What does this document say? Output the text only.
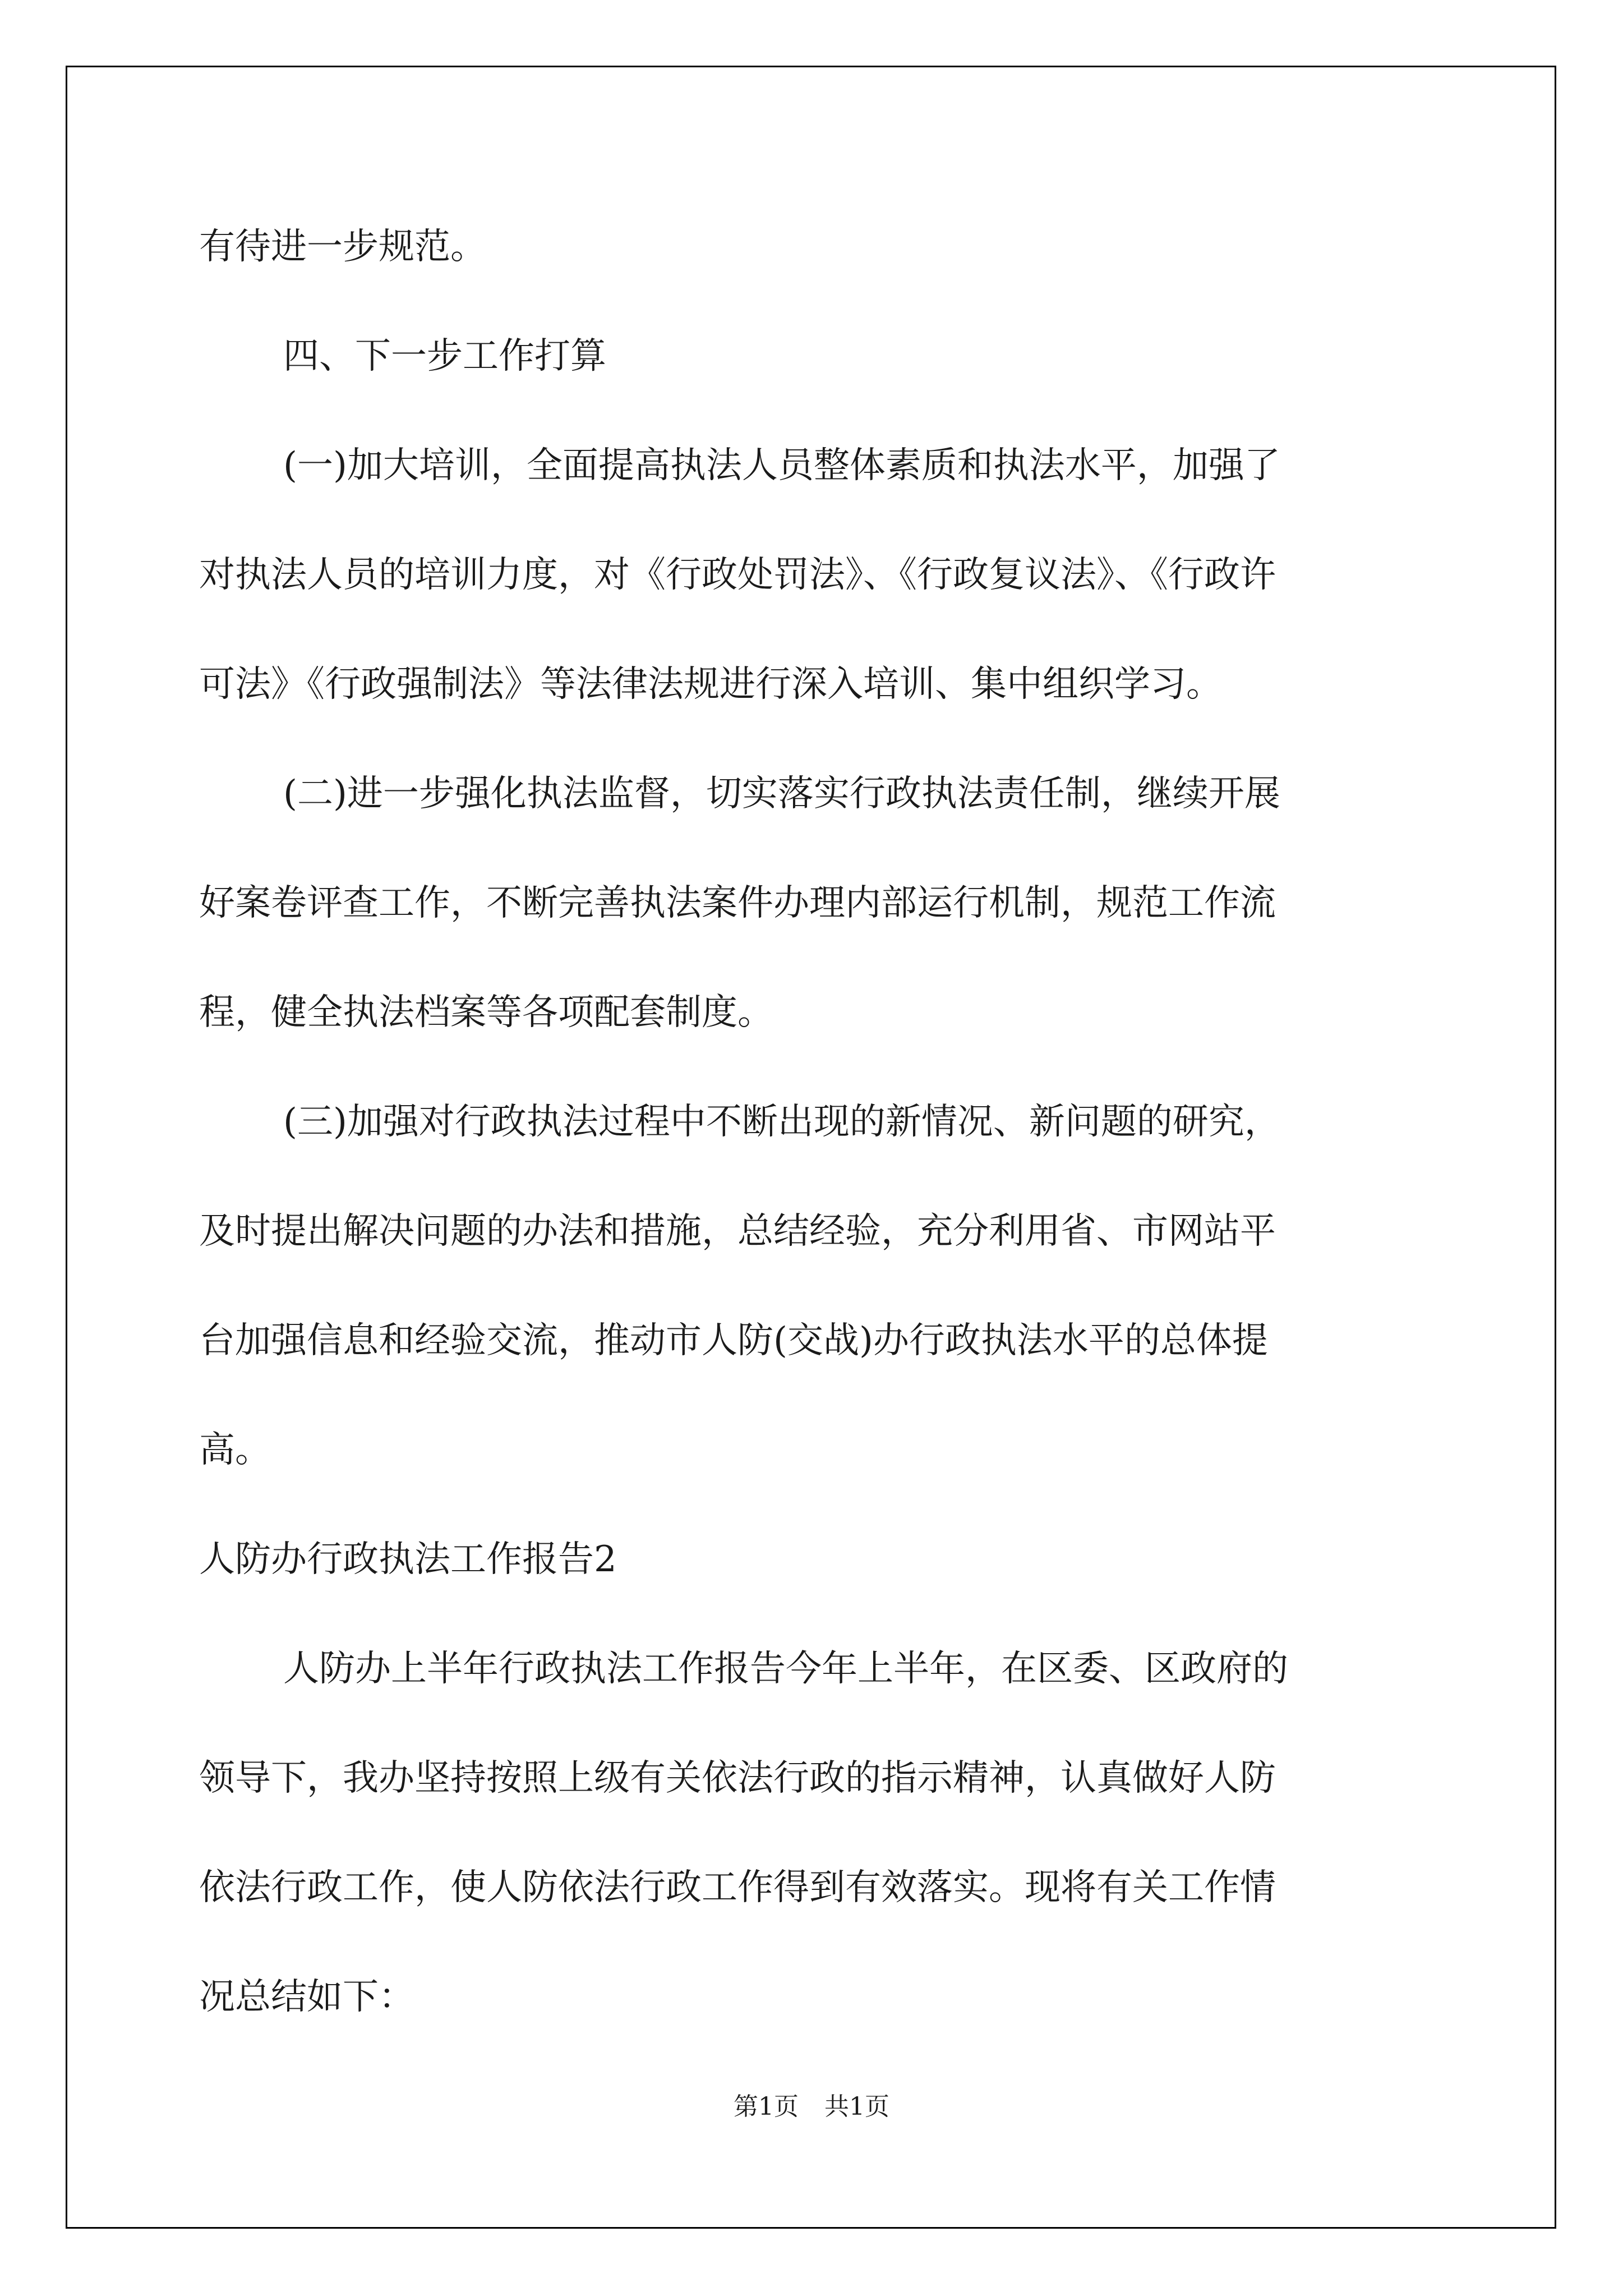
有待进一步规范。

四、下一步工作打算

(一)加大培训，全面提高执法人员整体素质和执法水平，加强了

对执法人员的培训力度，对《行政处罚法》、《行政复议法》、《行政许

可法》《行政强制法》等法律法规进行深入培训、集中组织学习。

(二)进一步强化执法监督，切实落实行政执法责任制，继续开展

好案卷评查工作，不断完善执法案件办理内部运行机制，规范工作流

程，健全执法档案等各项配套制度。

(三)加强对行政执法过程中不断出现的新情况、新问题的研究，

及时提出解决问题的办法和措施，总结经验，充分利用省、市网站平

台加强信息和经验交流，推动市人防(交战)办行政执法水平的总体提

高。

人防办行政执法工作报告2

人防办上半年行政执法工作报告今年上半年，在区委、区政府的

领导下，我办坚持按照上级有关依法行政的指示精神，认真做好人防

依法行政工作，使人防依法行政工作得到有效落实。现将有关工作情

况总结如下：

第1页 共1页
